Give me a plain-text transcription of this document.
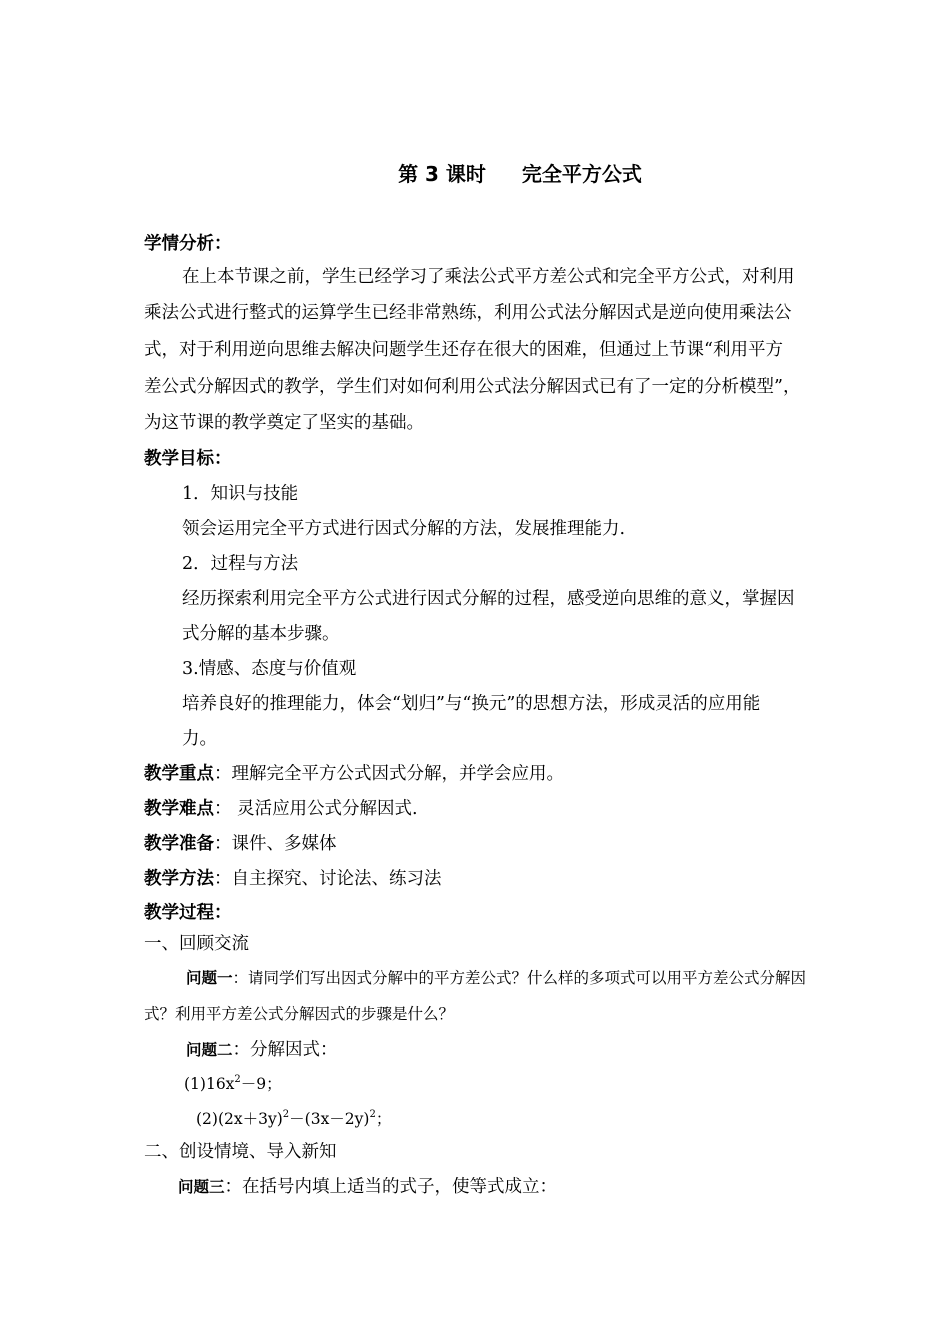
第 3 课时 完全平方公式
学情分析：
在上本节课之前，学生已经学习了乘法公式平方差公式和完全平方公式，对利用
乘法公式进行整式的运算学生已经非常熟练，利用公式法分解因式是逆向使用乘法公
式，对于利用逆向思维去解决问题学生还存在很大的困难，但通过上节课“利用平方
差公式分解因式的教学，学生们对如何利用公式法分解因式已有了一定的分析模型”，
为这节课的教学奠定了坚实的基础。
教学目标：
1．知识与技能
领会运用完全平方式进行因式分解的方法，发展推理能力.
2．过程与方法
经历探索利用完全平方公式进行因式分解的过程，感受逆向思维的意义，掌握因
式分解的基本步骤。
3.情感、态度与价值观
培养良好的推理能力，体会“划归”与“换元”的思想方法，形成灵活的应用能
力。
教学重点：理解完全平方公式因式分解，并学会应用。
教学难点： 灵活应用公式分解因式.
教学准备：课件、多媒体
教学方法：自主探究、讨论法、练习法
教学过程：
一、回顾交流
问题一：请同学们写出因式分解中的平方差公式？什么样的多项式可以用平方差公式分解因
式？利用平方差公式分解因式的步骤是什么？
问题二：分解因式：
$(1)16x^2-9$；
$(2)(2x+3y)^2-(3x-2y)^2$；
二、创设情境、导入新知
问题三：在括号内填上适当的式子，使等式成立：
